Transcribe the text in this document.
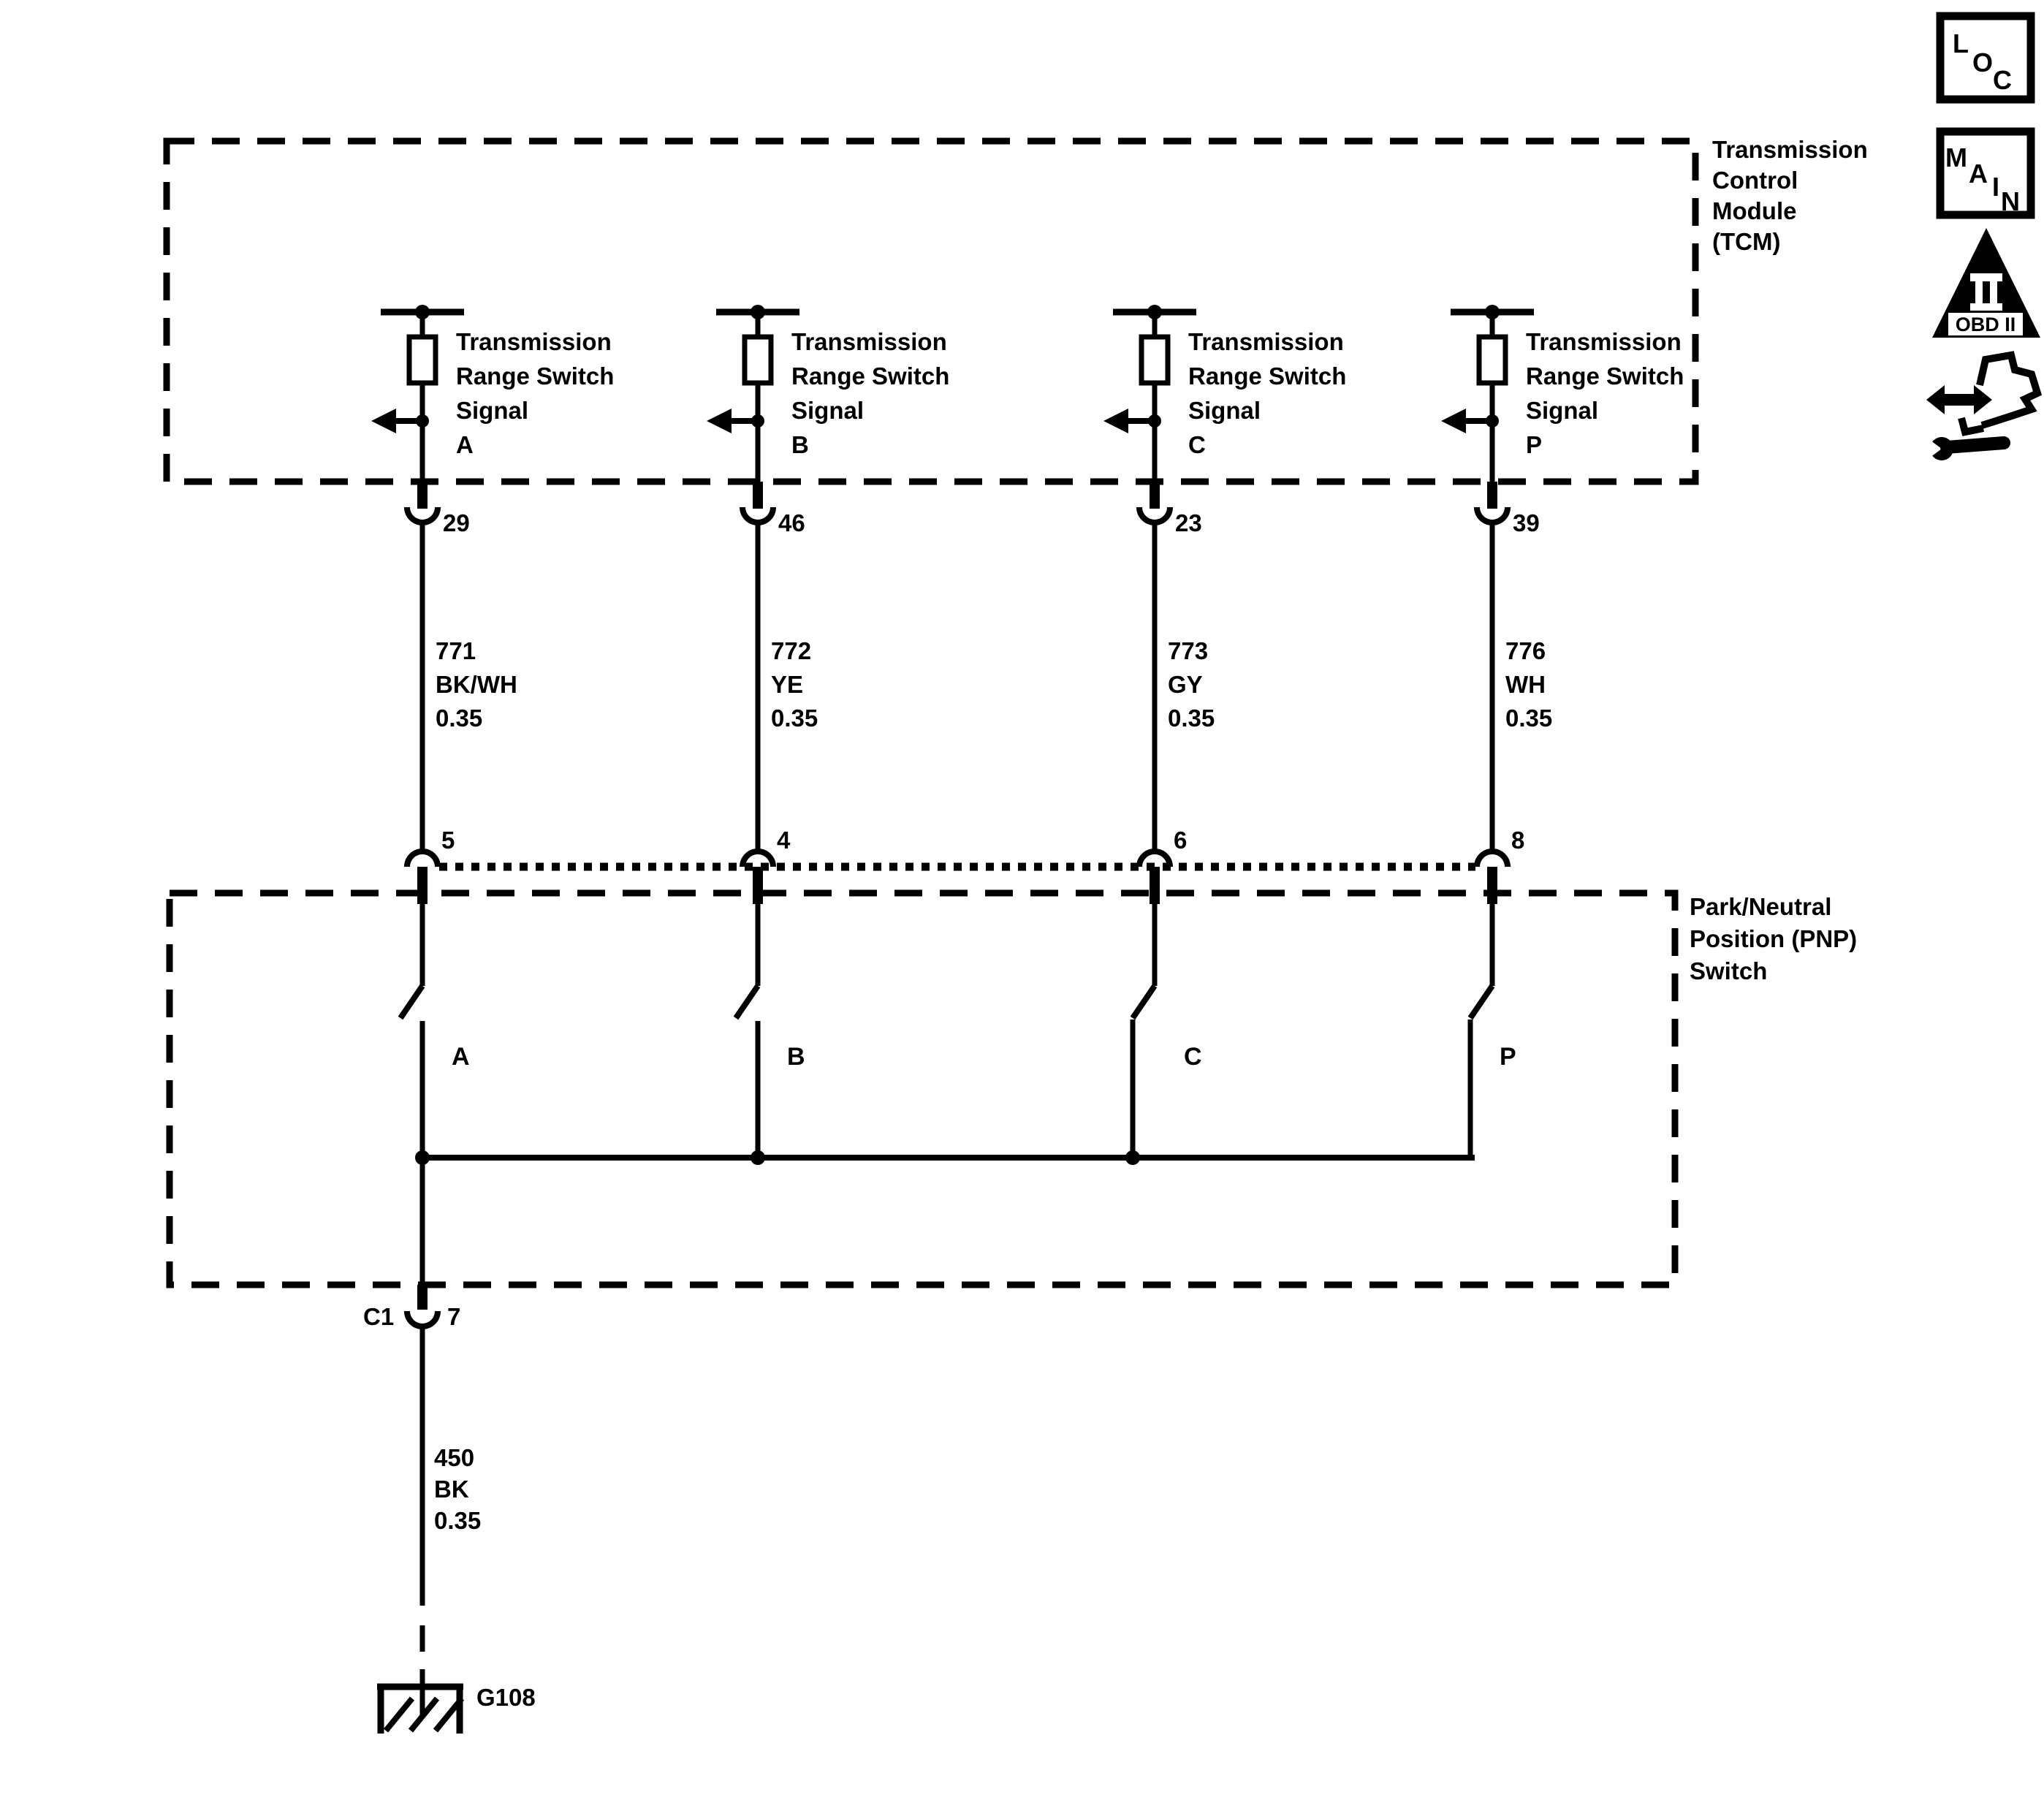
Transmission
Control
Module
(TCM)
Park/Neutral
Position (PNP)
Switch
Transmission
Range Switch
Signal
A
29
771
BK/WH
0.35
5
A
Transmission
Range Switch
Signal
B
46
772
YE
0.35
4
B
Transmission
Range Switch
Signal
C
23
773
GY
0.35
6
C
Transmission
Range Switch
Signal
P
39
776
WH
0.35
8
P
C1 7
450
BK
0.35
G108
L
O
C
M
A I N
OBD II
